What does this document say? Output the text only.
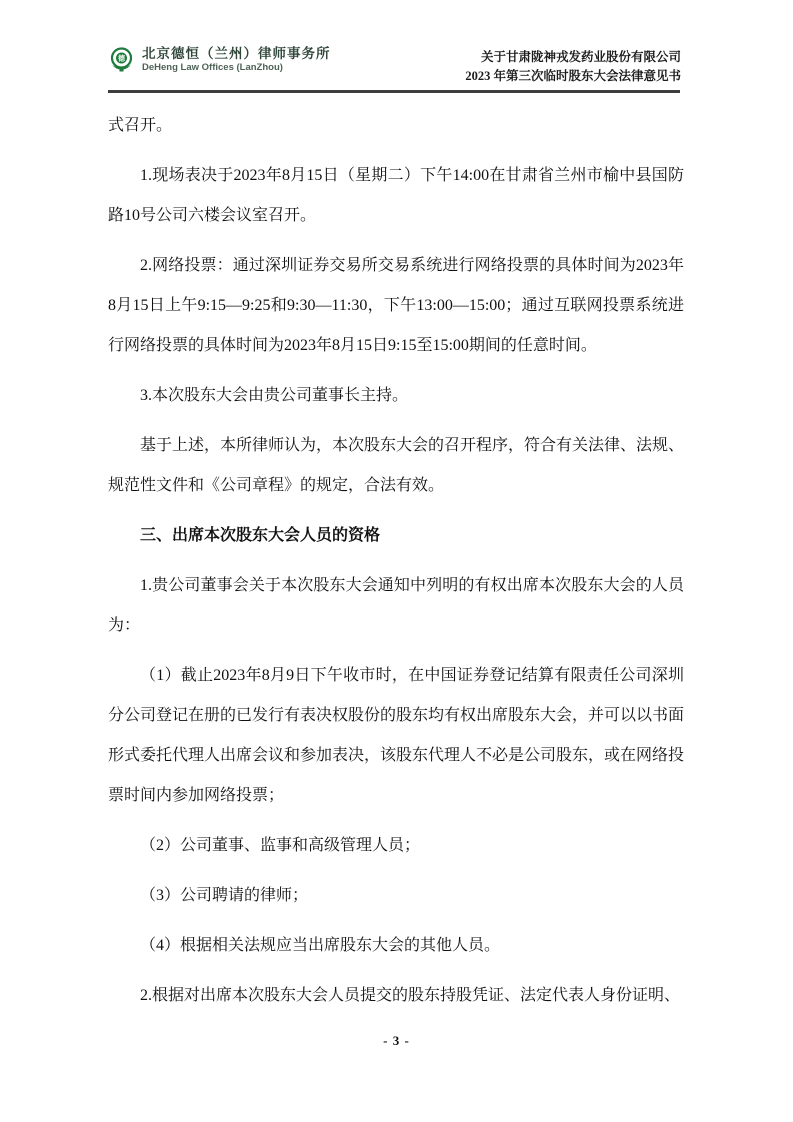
德 北京德恒（兰州）律师事务所
DeHeng Law Offices (LanZhou)
关于甘肃陇神戎发药业股份有限公司
2023 年第三次临时股东大会法律意见书

式召开。

1.现场表决于2023年8月15日（星期二）下午14:00在甘肃省兰州市榆中县国防路10号公司六楼会议室召开。

2.网络投票：通过深圳证券交易所交易系统进行网络投票的具体时间为2023年8月15日上午9:15—9:25和9:30—11:30，下午13:00—15:00；通过互联网投票系统进行网络投票的具体时间为2023年8月15日9:15至15:00期间的任意时间。

3.本次股东大会由贵公司董事长主持。

基于上述，本所律师认为，本次股东大会的召开程序，符合有关法律、法规、规范性文件和《公司章程》的规定，合法有效。

三、出席本次股东大会人员的资格

1.贵公司董事会关于本次股东大会通知中列明的有权出席本次股东大会的人员为：

（1）截止2023年8月9日下午收市时，在中国证券登记结算有限责任公司深圳分公司登记在册的已发行有表决权股份的股东均有权出席股东大会，并可以以书面形式委托代理人出席会议和参加表决，该股东代理人不必是公司股东，或在网络投票时间内参加网络投票；

（2）公司董事、监事和高级管理人员；

（3）公司聘请的律师；

（4）根据相关法规应当出席股东大会的其他人员。

2.根据对出席本次股东大会人员提交的股东持股凭证、法定代表人身份证明、

- 3 -
